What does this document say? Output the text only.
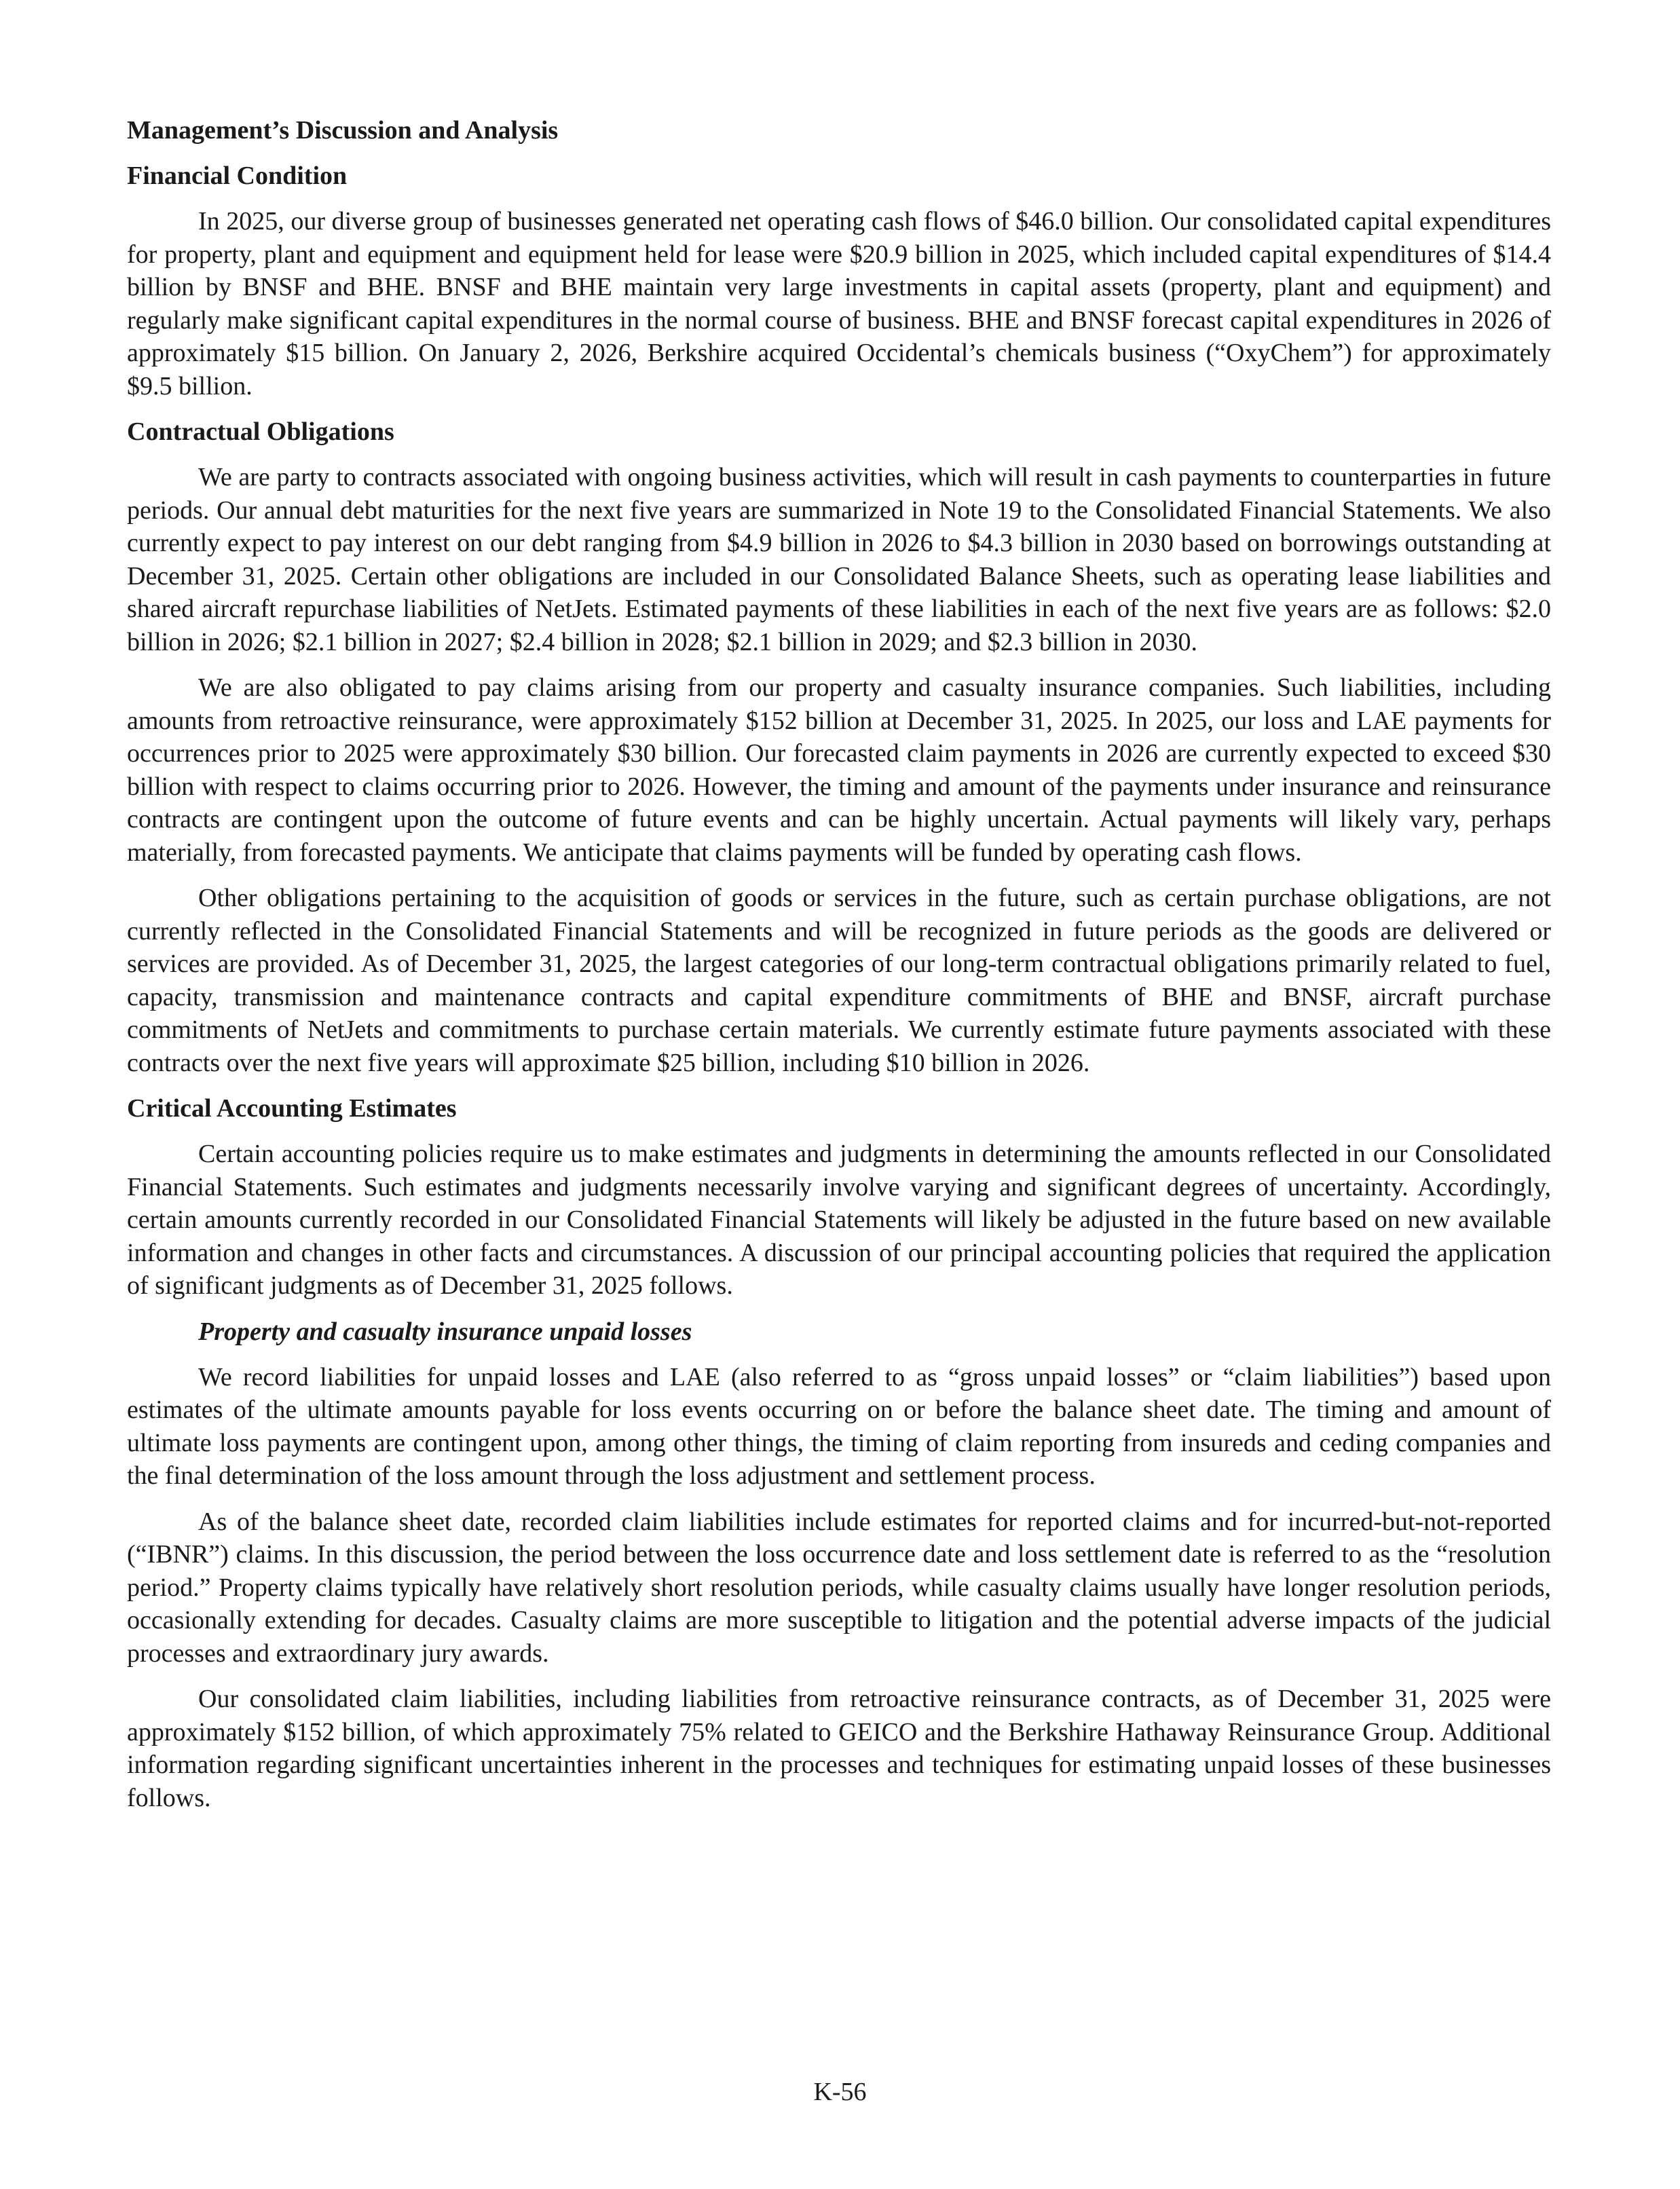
Management’s Discussion and Analysis
Financial Condition

In 2025, our diverse group of businesses generated net operating cash flows of $46.0 billion. Our consolidated capital expenditures for property, plant and equipment and equipment held for lease were $20.9 billion in 2025, which included capital expenditures of $14.4 billion by BNSF and BHE. BNSF and BHE maintain very large investments in capital assets (property, plant and equipment) and regularly make significant capital expenditures in the normal course of business. BHE and BNSF forecast capital expenditures in 2026 of approximately $15 billion. On January 2, 2026, Berkshire acquired Occidental’s chemicals business (“OxyChem”) for approximately $9.5 billion.

Contractual Obligations

We are party to contracts associated with ongoing business activities, which will result in cash payments to counterparties in future periods. Our annual debt maturities for the next five years are summarized in Note 19 to the Consolidated Financial Statements. We also currently expect to pay interest on our debt ranging from $4.9 billion in 2026 to $4.3 billion in 2030 based on borrowings outstanding at December 31, 2025. Certain other obligations are included in our Consolidated Balance Sheets, such as operating lease liabilities and shared aircraft repurchase liabilities of NetJets. Estimated payments of these liabilities in each of the next five years are as follows: $2.0 billion in 2026; $2.1 billion in 2027; $2.4 billion in 2028; $2.1 billion in 2029; and $2.3 billion in 2030.

We are also obligated to pay claims arising from our property and casualty insurance companies. Such liabilities, including amounts from retroactive reinsurance, were approximately $152 billion at December 31, 2025. In 2025, our loss and LAE payments for occurrences prior to 2025 were approximately $30 billion. Our forecasted claim payments in 2026 are currently expected to exceed $30 billion with respect to claims occurring prior to 2026. However, the timing and amount of the payments under insurance and reinsurance contracts are contingent upon the outcome of future events and can be highly uncertain. Actual payments will likely vary, perhaps materially, from forecasted payments. We anticipate that claims payments will be funded by operating cash flows.

Other obligations pertaining to the acquisition of goods or services in the future, such as certain purchase obligations, are not currently reflected in the Consolidated Financial Statements and will be recognized in future periods as the goods are delivered or services are provided. As of December 31, 2025, the largest categories of our long-term contractual obligations primarily related to fuel, capacity, transmission and maintenance contracts and capital expenditure commitments of BHE and BNSF, aircraft purchase commitments of NetJets and commitments to purchase certain materials. We currently estimate future payments associated with these contracts over the next five years will approximate $25 billion, including $10 billion in 2026.

Critical Accounting Estimates

Certain accounting policies require us to make estimates and judgments in determining the amounts reflected in our Consolidated Financial Statements. Such estimates and judgments necessarily involve varying and significant degrees of uncertainty. Accordingly, certain amounts currently recorded in our Consolidated Financial Statements will likely be adjusted in the future based on new available information and changes in other facts and circumstances. A discussion of our principal accounting policies that required the application of significant judgments as of December 31, 2025 follows.

Property and casualty insurance unpaid losses

We record liabilities for unpaid losses and LAE (also referred to as “gross unpaid losses” or “claim liabilities”) based upon estimates of the ultimate amounts payable for loss events occurring on or before the balance sheet date. The timing and amount of ultimate loss payments are contingent upon, among other things, the timing of claim reporting from insureds and ceding companies and the final determination of the loss amount through the loss adjustment and settlement process.

As of the balance sheet date, recorded claim liabilities include estimates for reported claims and for incurred-but-not-reported (“IBNR”) claims. In this discussion, the period between the loss occurrence date and loss settlement date is referred to as the “resolution period.” Property claims typically have relatively short resolution periods, while casualty claims usually have longer resolution periods, occasionally extending for decades. Casualty claims are more susceptible to litigation and the potential adverse impacts of the judicial processes and extraordinary jury awards.

Our consolidated claim liabilities, including liabilities from retroactive reinsurance contracts, as of December 31, 2025 were approximately $152 billion, of which approximately 75% related to GEICO and the Berkshire Hathaway Reinsurance Group. Additional information regarding significant uncertainties inherent in the processes and techniques for estimating unpaid losses of these businesses follows.

K-56
